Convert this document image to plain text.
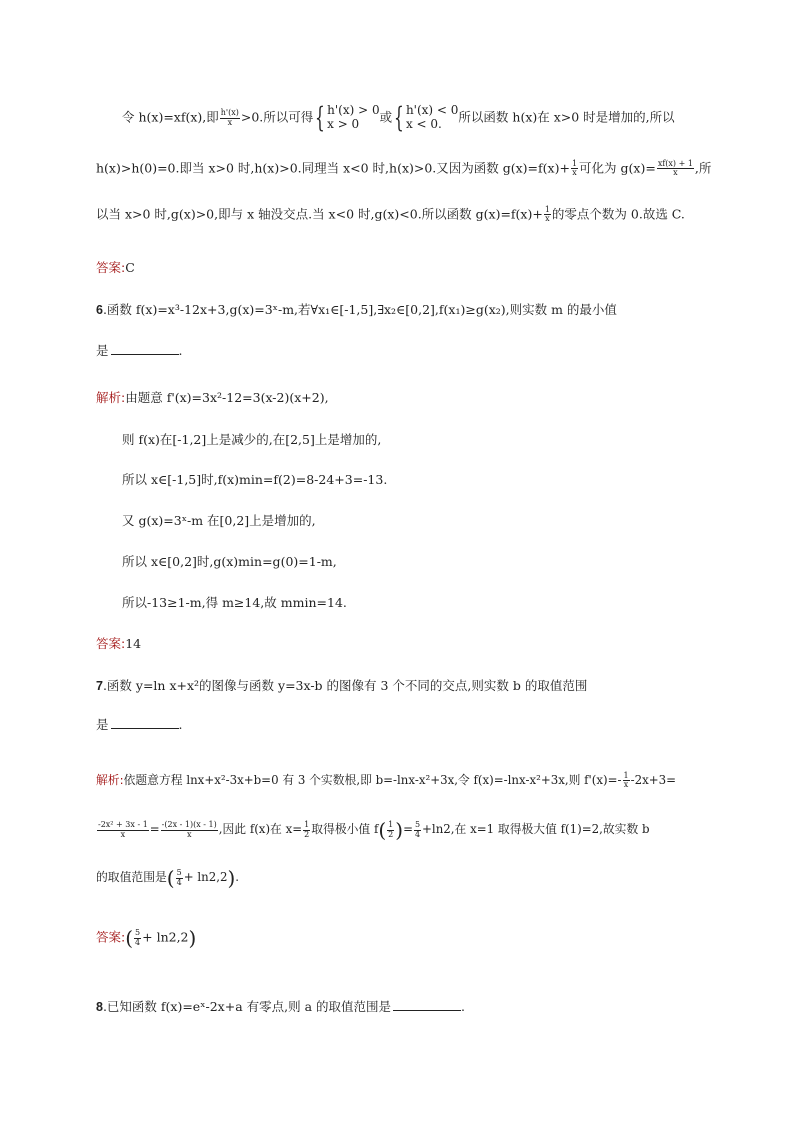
令 h(x)=xf(x),即 $\frac{h'(x)}{x} >0$.所以可得{ h'(x) > 0
x > 0 或{ h'(x) < 0
x < 0. 所以函数 h(x)在 x>0 时是增加的,所以
h(x)>h(0)=0.即当 x>0 时,h(x)>0.同理当 x<0 时,h(x)>0.又因为函数 $g(x)=f(x)+ \frac{1}{x}$ 可化为 $g(x)= \frac{xf(x) + 1}{x}$ ,所
以当 x>0 时,g(x)>0,即与 x 轴没交点.当 x<0 时,g(x)<0.所以函数 $g(x)=f(x)+ \frac{1}{x}$ 的零点个数为 0.故选 C.
答案:C
6.函数 f(x)=x³-12x+3,g(x)=3ˣ-m,若∀x₁∈[-1,5],∃x₂∈[0,2],f(x₁)≥g(x₂),则实数 m 的最小值
是	.
解析:由题意 f'(x)=3x²-12=3(x-2)(x+2),
则 f(x)在[-1,2]上是减少的,在[2,5]上是增加的,
所以 x∈[-1,5]时,f(x)min=f(2)=8-24+3=-13.
又 g(x)=3ˣ-m 在[0,2]上是增加的,
所以 x∈[0,2]时,g(x)min=g(0)=1-m,
所以-13≥1-m,得 m≥14,故 mmin=14.
答案:14
7.函数 y=ln x+x²的图像与函数 y=3x-b 的图像有 3 个不同的交点,则实数 b 的取值范围
是	.
解析:依题意方程 lnx+x²-3x+b=0 有 3 个实数根,即 b=-lnx-x²+3x,令 f(x)=-lnx-x²+3x,则 $f'(x)=- \frac{1}{x} -2x+3=$
$\frac{\text{-2x² + 3x - 1}}{x} = \frac{-(2x - 1)(x - 1)}{x}$ ,因此 f(x)在 $x= \frac{1}{2}$ 取得极小值 $f( \frac{1}{2}$ )= $\frac{5}{4} +\ln 2$,在 x=1 取得极大值 f(1)=2,故实数 b
的取值范围是( $\frac{5}{4} + \ln 2,2$).
答案:( $\frac{5}{4} + \ln 2,2$)
8.已知函数 f(x)=eˣ-2x+a 有零点,则 a 的取值范围是	.
